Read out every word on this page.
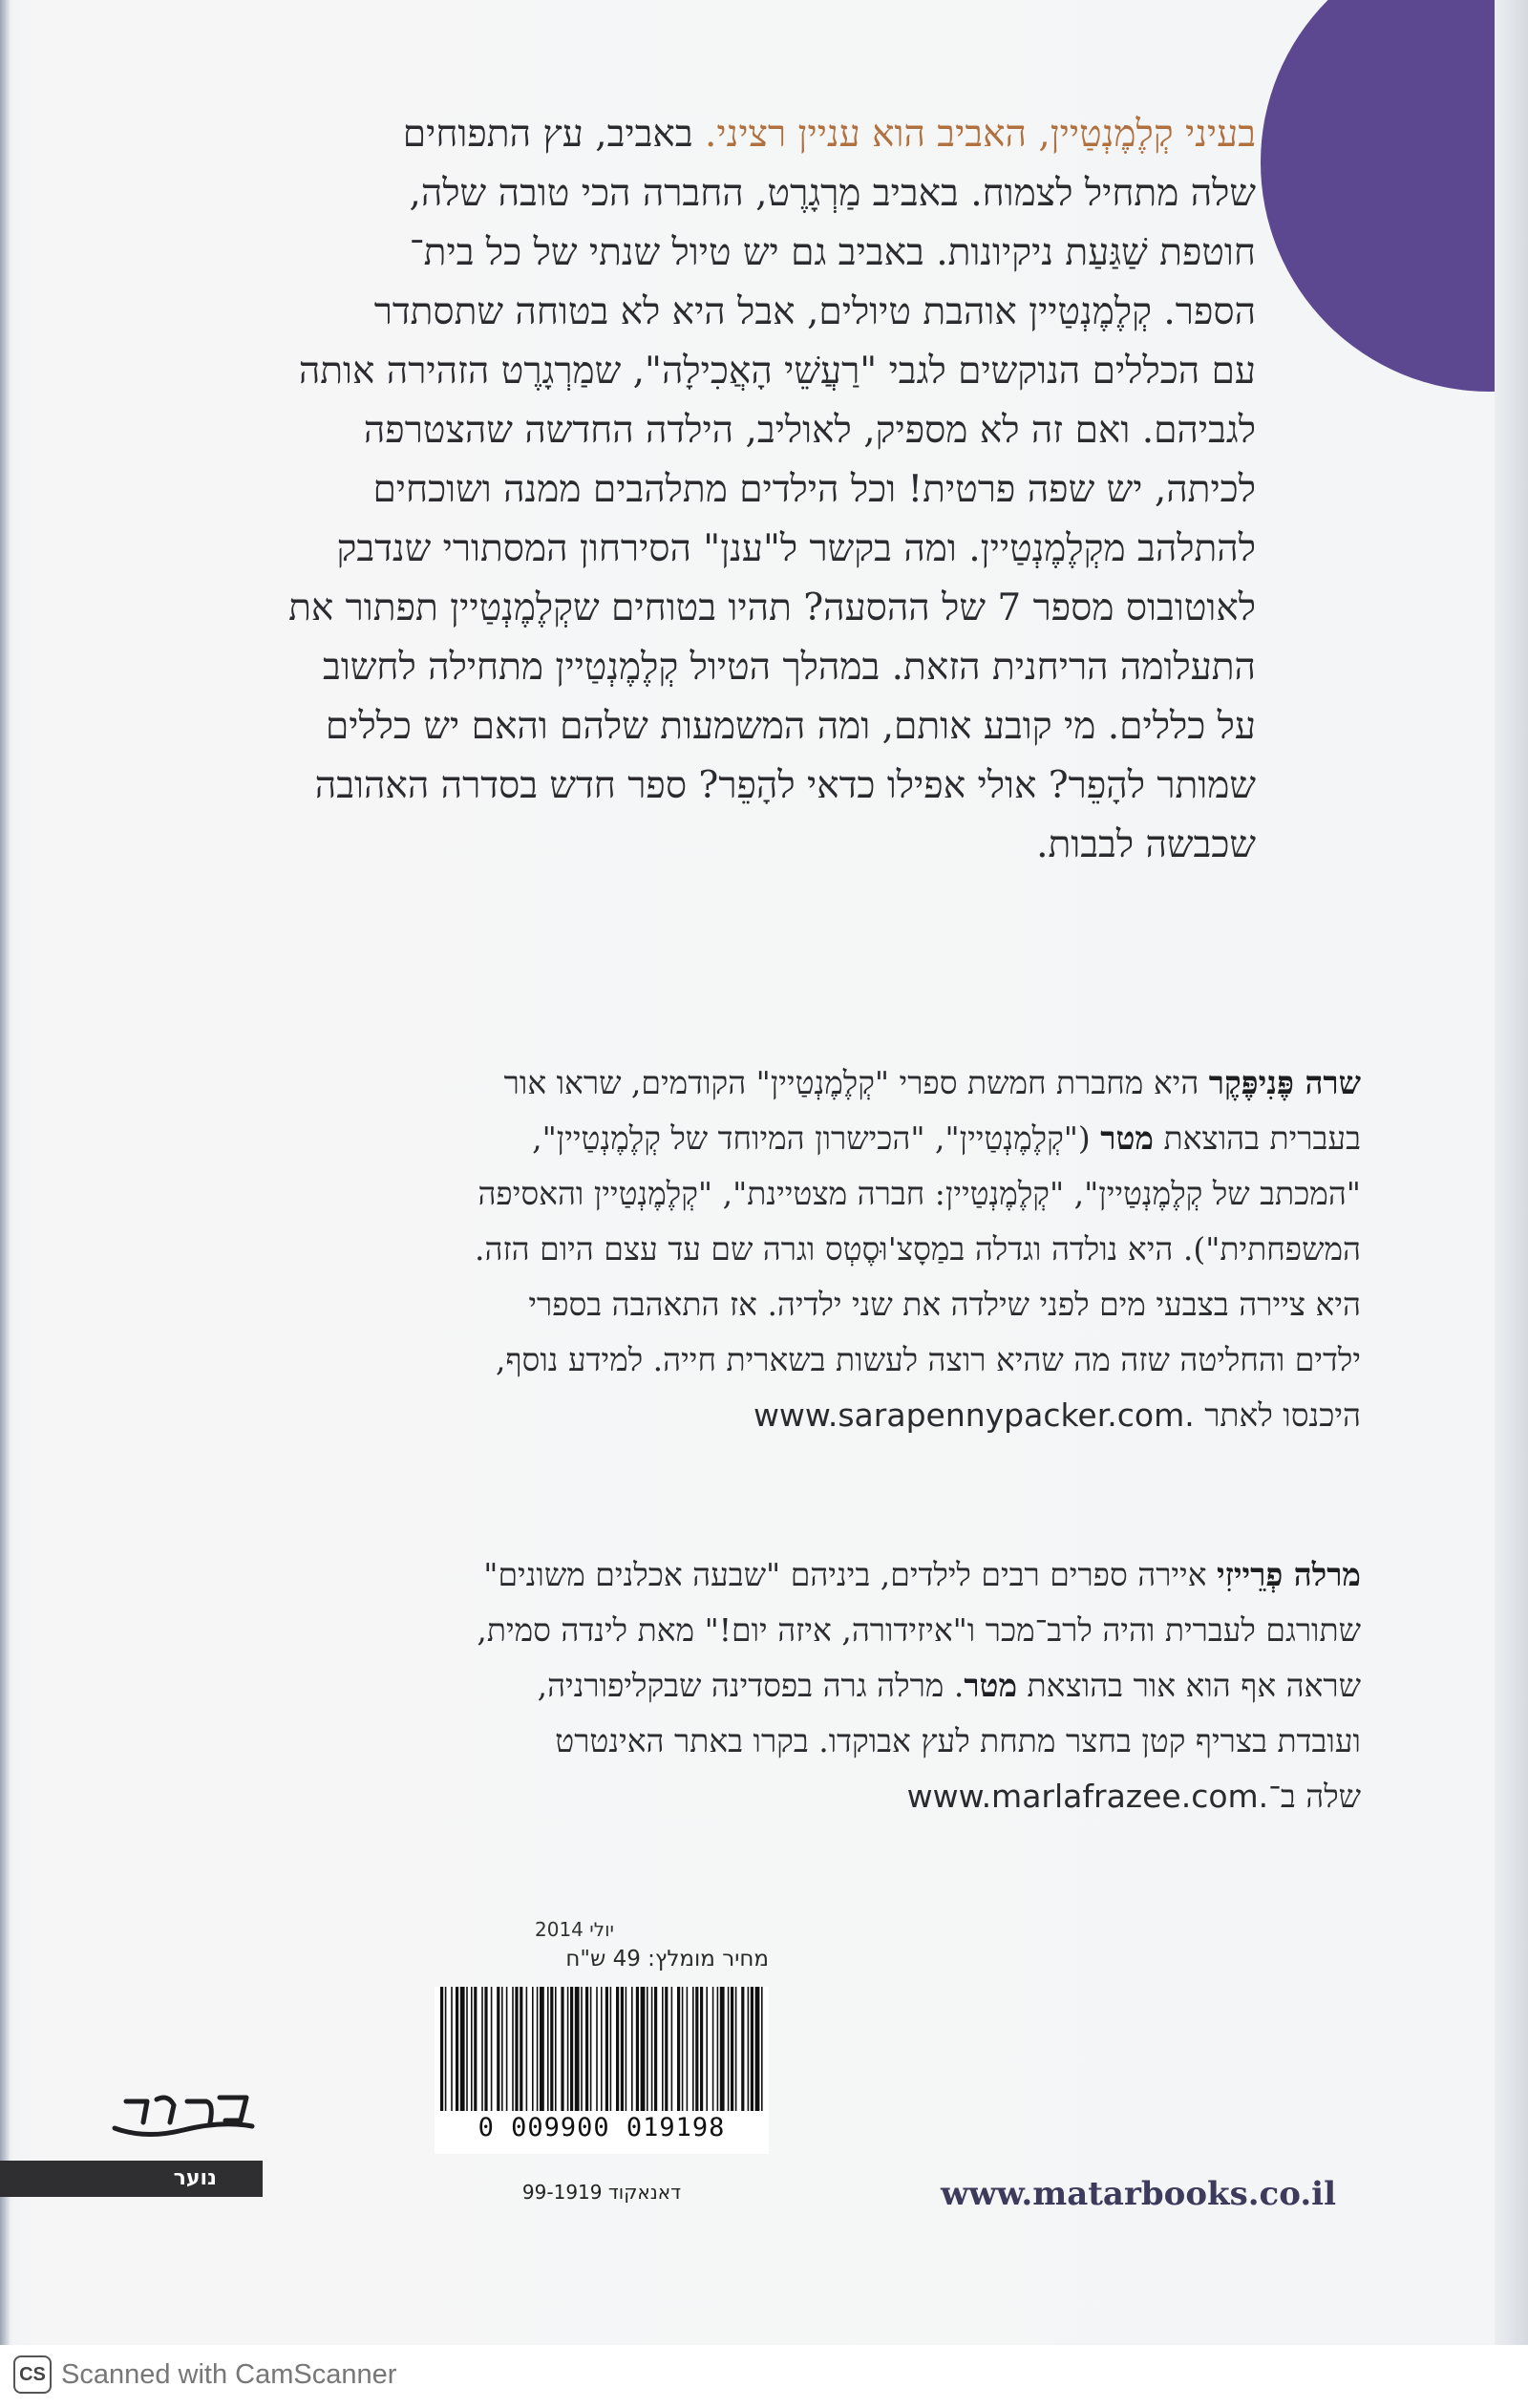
בעיני קְלֶמֶנְטַיין, האביב הוא עניין רציני. באביב, עץ התפוחים
שלה מתחיל לצמוח. באביב מַרְגָרֶט, החברה הכי טובה שלה,
חוטפת שַׁגַּעַת ניקיונות. באביב גם יש טיול שנתי של כל בית־
הספר. קְלֶמֶנְטַיין אוהבת טיולים, אבל היא לא בטוחה שתסתדר
עם הכללים הנוקשים לגבי "רַעֲשֵׁי הָאֲכִילָה", שמַרְגָרֶט הזהירה אותה
לגביהם. ואם זה לא מספיק, לאוליב, הילדה החדשה שהצטרפה
לכיתה, יש שפה פרטית! וכל הילדים מתלהבים ממנה ושוכחים
להתלהב מקְלֶמֶנְטַיין. ומה בקשר ל"ענן" הסירחון המסתורי שנדבק
לאוטובוס מספר 7 של ההסעה? תהיו בטוחים שקְלֶמֶנְטַיין תפתור את
התעלומה הריחנית הזאת. במהלך הטיול קְלֶמֶנְטַיין מתחילה לחשוב
על כללים. מי קובע אותם, ומה המשמעות שלהם והאם יש כללים
שמותר להָפֵר? אולי אפילו כדאי להָפֵר? ספר חדש בסדרה האהובה
שכבשה לבבות.
שרה פֶּנִיפֶּקֶר היא מחברת חמשת ספרי "קְלֶמֶנְטַיין" הקודמים, שראו אור
בעברית בהוצאת מטר ("קְלֶמֶנְטַיין", "הכישרון המיוחד של קְלֶמֶנְטַיין",
"המכתב של קְלֶמֶנְטַיין", "קְלֶמֶנְטַיין: חברה מצטיינת", "קְלֶמֶנְטַיין והאסיפה
המשפחתית"). היא נולדה וגדלה במַסָצ'וּסֶטְס וגרה שם עד עצם היום הזה.
היא ציירה בצבעי מים לפני שילדה את שני ילדיה. אז התאהבה בספרי
ילדים והחליטה שזה מה שהיא רוצה לעשות בשארית חייה. למידע נוסף,
היכנסו לאתר www.sarapennypacker.com.
מרלה פְרֵייזִי איירה ספרים רבים לילדים, ביניהם "שבעה אכלנים משונים"
שתורגם לעברית והיה לרב־מכר ו"איזידורה, איזה יום!" מאת לינדה סמית,
שראה אף הוא אור בהוצאת מטר. מרלה גרה בפסדינה שבקליפורניה,
ועובדת בצריף קטן בחצר מתחת לעץ אבוקדו. בקרו באתר האינטרט
שלה ב־www.marlafrazee.com.
יולי 2014
מחיר מומלץ: 49 ש"ח
0 009900 019198
דאנאקוד 99-1919
נוער	www.matarbooks.co.il
CS Scanned with CamScanner
